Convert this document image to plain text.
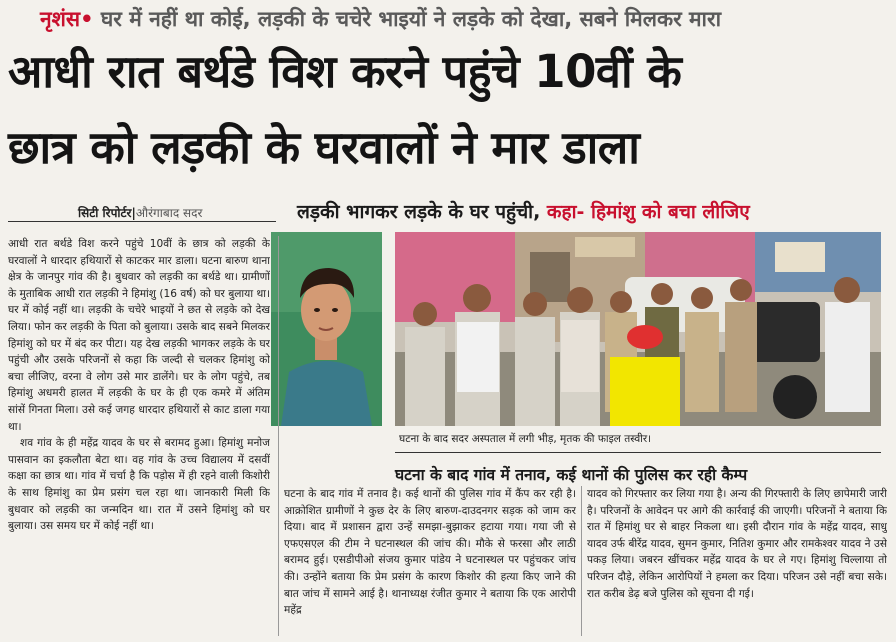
नृशंस• घर में नहीं था कोई, लड़की के चचेरे भाइयों ने लड़के को देखा, सबने मिलकर मारा
आधी रात बर्थडे विश करने पहुंचे 10वीं के
छात्र को लड़की के घरवालों ने मार डाला
सिटी रिपोर्टर|औरंगाबाद सदर	लड़की भागकर लड़के के घर पहुंची, कहा- हिमांशु को बचा लीजिए

आधी रात बर्थडे विश करने पहुंचे 10वीं के छात्र को लड़की के घरवालों ने धारदार हथियारों से काटकर मार डाला। घटना बारुण थाना क्षेत्र के जानपुर गांव की है। बुधवार को लड़की का बर्थडे था। ग्रामीणों के मुताबिक आधी रात लड़की ने हिमांशु (16 वर्ष) को घर बुलाया था। घर में कोई नहीं था। लड़की के चचेरे भाइयों ने छत से लड़के को देख लिया। फोन कर लड़की के पिता को बुलाया। उसके बाद सबने मिलकर हिमांशु को घर में बंद कर पीटा। यह देख लड़की भागकर लड़के के घर पहुंची और उसके परिजनों से कहा कि जल्दी से चलकर हिमांशु को बचा लीजिए, वरना वे लोग उसे मार डालेंगे। घर के लोग पहुंचे, तब हिमांशु अधमरी हालत में लड़की के घर के ही एक कमरे में अंतिम सांसें गिनता मिला। उसे कई जगह धारदार हथियारों से काट डाला गया था।

शव गांव के ही महेंद्र यादव के घर से बरामद हुआ। हिमांशु मनोज पासवान का इकलौता बेटा था। वह गांव के उच्च विद्यालय में दसवीं कक्षा का छात्र था। गांव में चर्चा है कि पड़ोस में ही रहने वाली किशोरी के साथ हिमांशु का प्रेम प्रसंग चल रहा था। जानकारी मिली कि बुधवार को लड़की का जन्मदिन था। रात में उसने हिमांशु को घर बुलाया। उस समय घर में कोई नहीं था।

घटना के बाद सदर अस्पताल में लगी भीड़, मृतक की फाइल तस्वीर।
घटना के बाद गांव में तनाव, कई थानों की पुलिस कर रही कैम्प

घटना के बाद गांव में तनाव है। कई थानों की पुलिस गांव में कैंप कर रही है। आक्रोशित ग्रामीणों ने कुछ देर के लिए बारुण-दाउदनगर सड़क को जाम कर दिया। बाद में प्रशासन द्वारा उन्हें समझा-बुझाकर हटाया गया। गया जी से एफएसएल की टीम ने घटनास्थल की जांच की। मौके से फरसा और लाठी बरामद हुई। एसडीपीओ संजय कुमार पांडेय ने घटनास्थल पर पहुंचकर जांच की। उन्होंने बताया कि प्रेम प्रसंग के कारण किशोर की हत्या किए जाने की बात जांच में सामने आई है। थानाध्यक्ष रंजीत कुमार ने बताया कि एक आरोपी महेंद्र

यादव को गिरफ्तार कर लिया गया है। अन्य की गिरफ्तारी के लिए छापेमारी जारी है। परिजनों के आवेदन पर आगे की कार्रवाई की जाएगी। परिजनों ने बताया कि रात में हिमांशु घर से बाहर निकला था। इसी दौरान गांव के महेंद्र यादव, साधु यादव उर्फ बीरेंद्र यादव, सुमन कुमार, नितिश कुमार और रामकेश्वर यादव ने उसे पकड़ लिया। जबरन खींचकर महेंद्र यादव के घर ले गए। हिमांशु चिल्लाया तो परिजन दौड़े, लेकिन आरोपियों ने हमला कर दिया। परिजन उसे नहीं बचा सके। रात करीब डेढ़ बजे पुलिस को सूचना दी गई।
